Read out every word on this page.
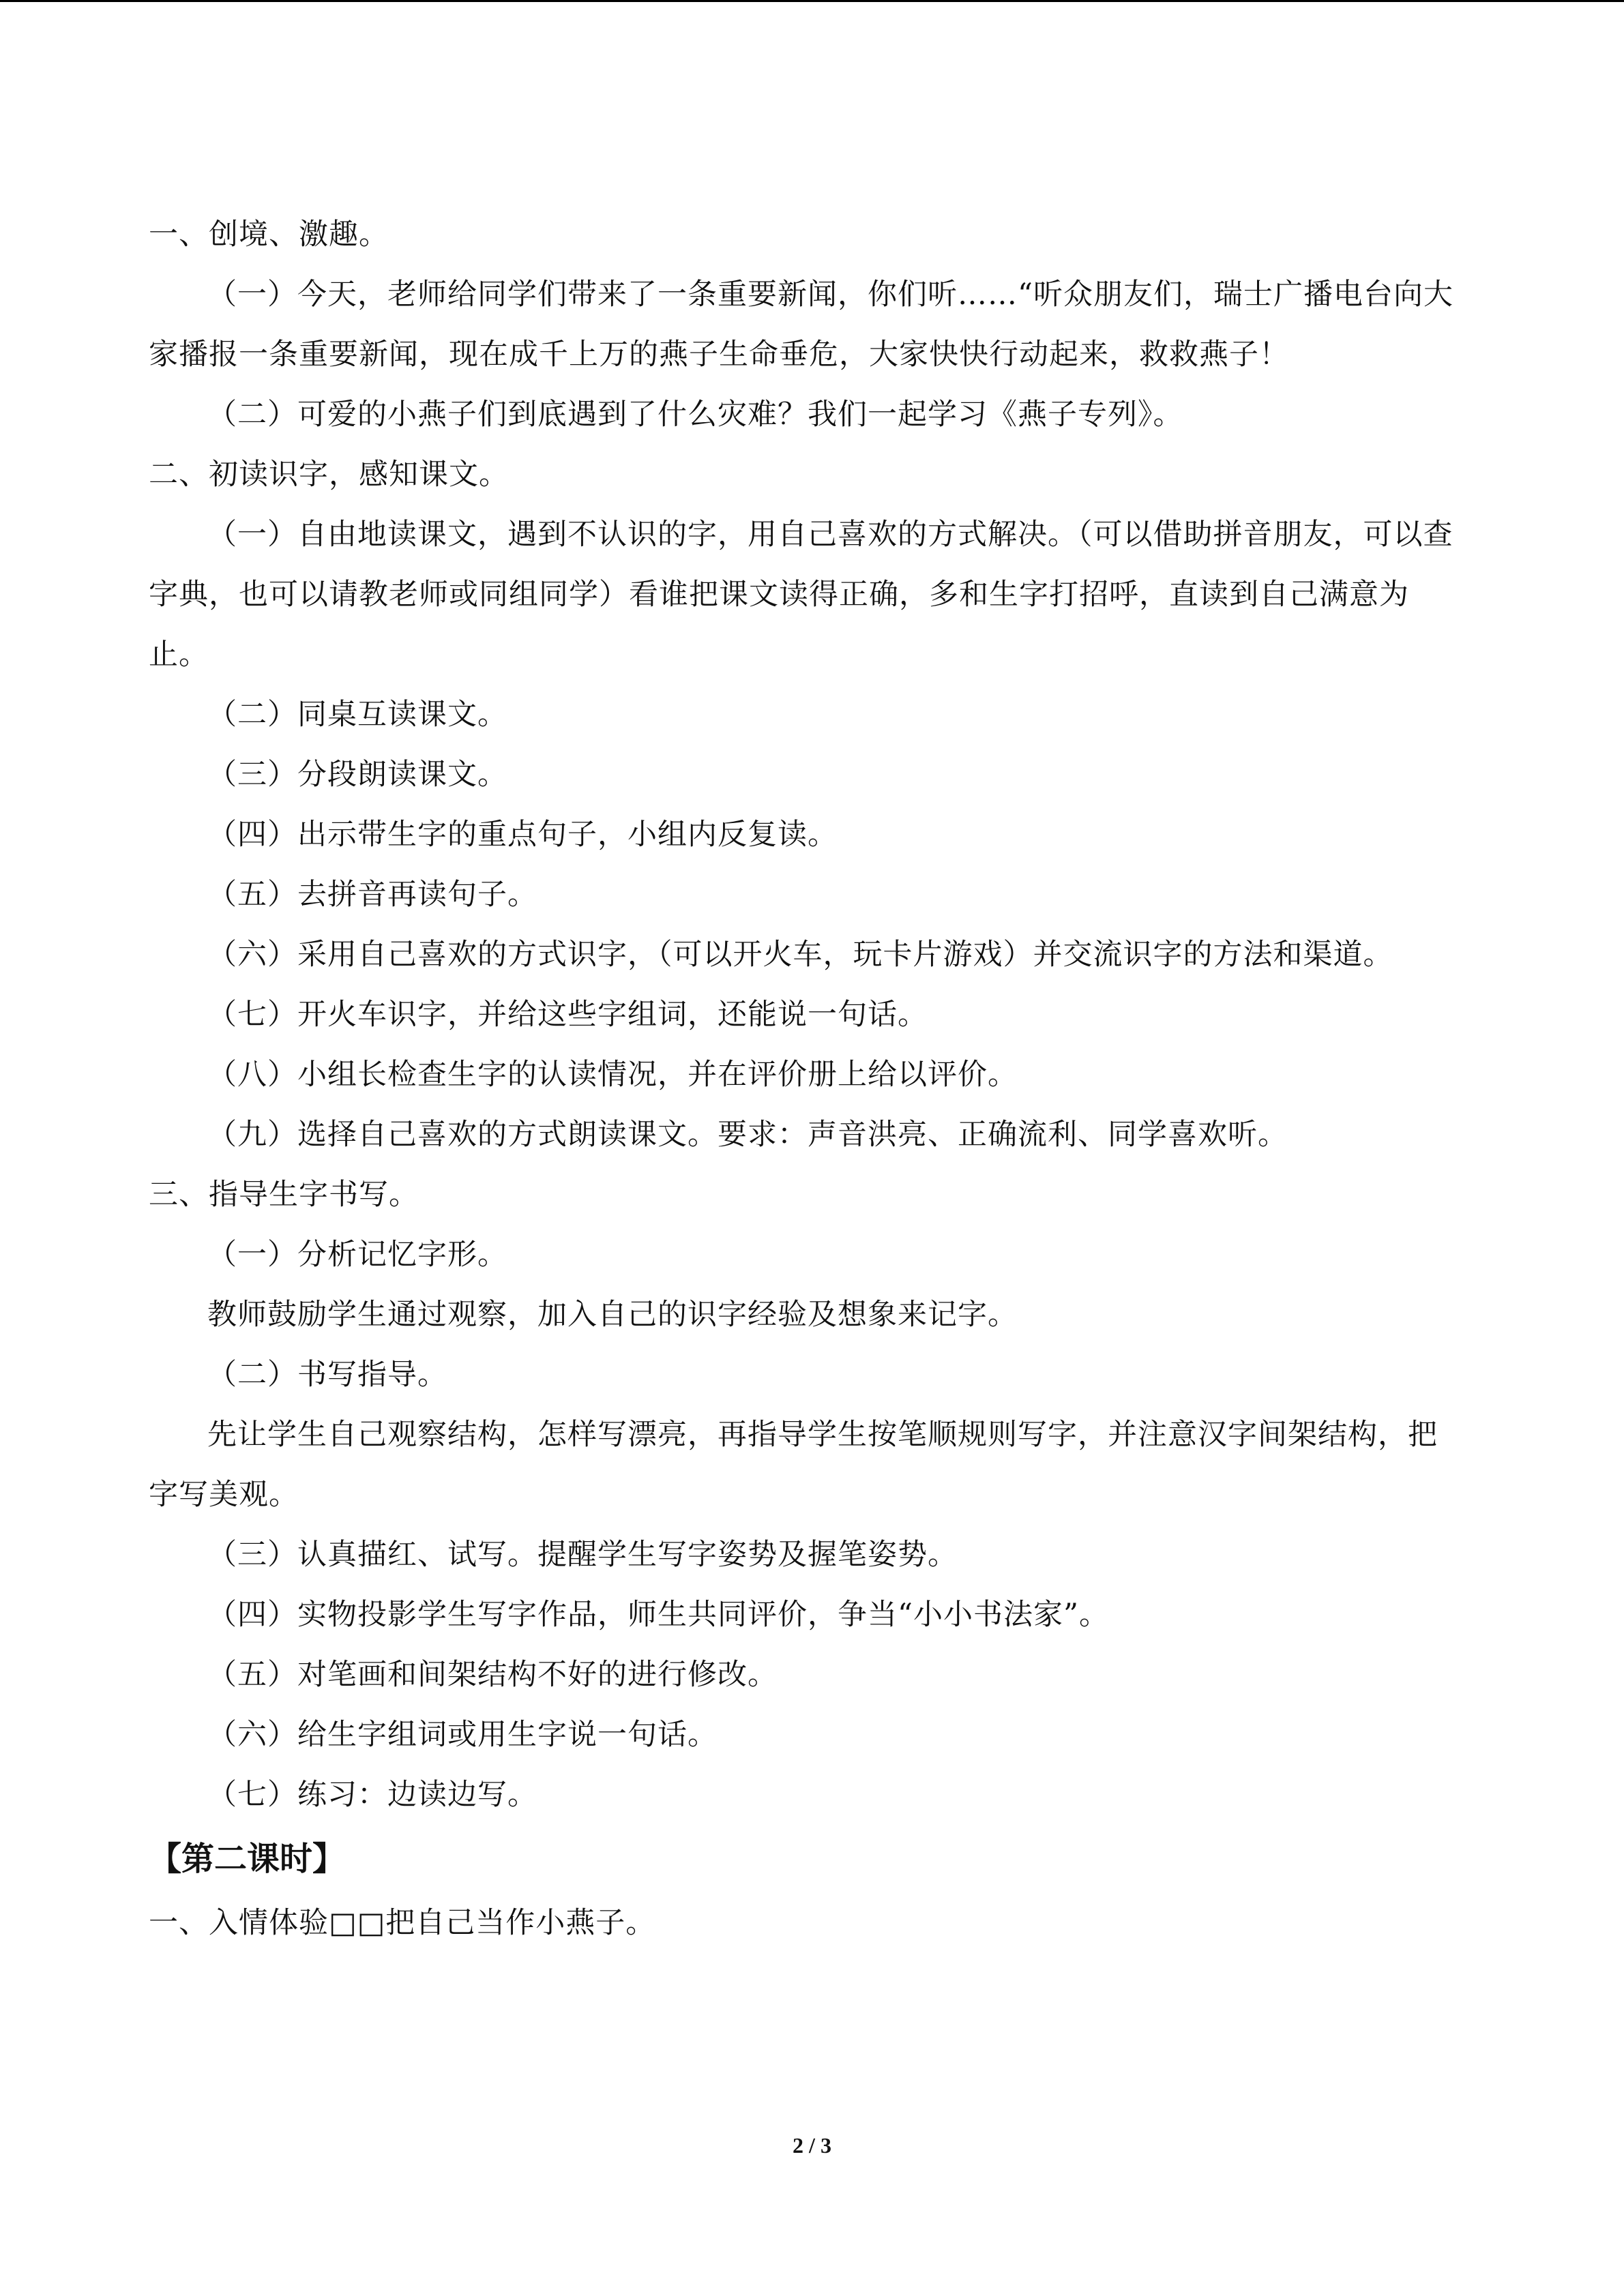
一、创境、激趣。

（一）今天，老师给同学们带来了一条重要新闻，你们听……“听众朋友们，瑞士广播电台向大家播报一条重要新闻，现在成千上万的燕子生命垂危，大家快快行动起来，救救燕子！

（二）可爱的小燕子们到底遇到了什么灾难？我们一起学习《燕子专列》。

二、初读识字，感知课文。

（一）自由地读课文，遇到不认识的字，用自己喜欢的方式解决。（可以借助拼音朋友，可以查字典，也可以请教老师或同组同学）看谁把课文读得正确，多和生字打招呼，直读到自己满意为止。

（二）同桌互读课文。

（三）分段朗读课文。

（四）出示带生字的重点句子，小组内反复读。

（五）去拼音再读句子。

（六）采用自己喜欢的方式识字，（可以开火车，玩卡片游戏）并交流识字的方法和渠道。

（七）开火车识字，并给这些字组词，还能说一句话。

（八）小组长检查生字的认读情况，并在评价册上给以评价。

（九）选择自己喜欢的方式朗读课文。要求：声音洪亮、正确流利、同学喜欢听。

三、指导生字书写。

（一）分析记忆字形。

教师鼓励学生通过观察，加入自己的识字经验及想象来记字。

（二）书写指导。

先让学生自己观察结构，怎样写漂亮，再指导学生按笔顺规则写字，并注意汉字间架结构，把字写美观。

（三）认真描红、试写。提醒学生写字姿势及握笔姿势。

（四）实物投影学生写字作品，师生共同评价，争当“小小书法家”。

（五）对笔画和间架结构不好的进行修改。

（六）给生字组词或用生字说一句话。

（七）练习：边读边写。

【第二课时】

一、入情体验□□把自己当作小燕子。

2 / 3
